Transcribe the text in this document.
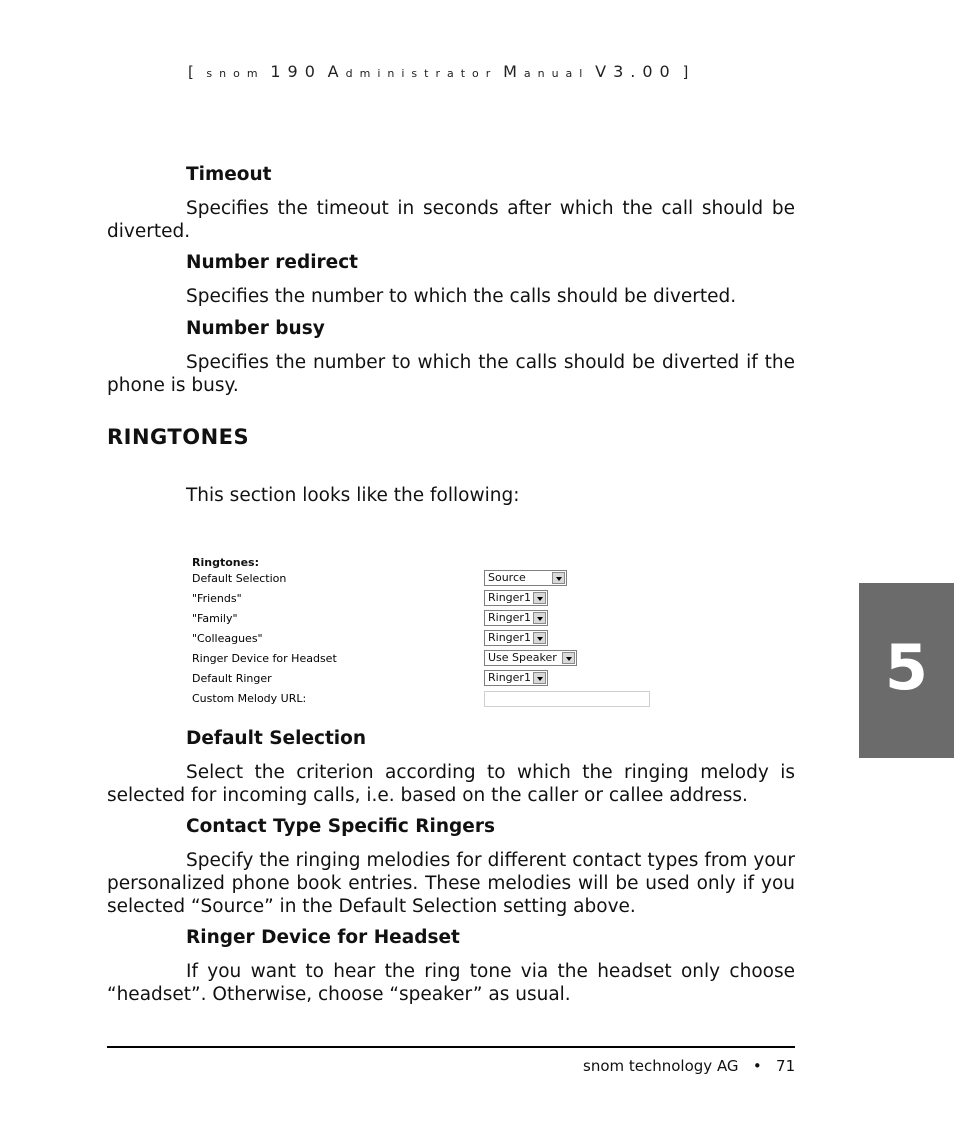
[ snom 190 Administrator Manual V3.00 ]
Timeout
Specifies the timeout in seconds after which the call should be diverted.
Number redirect
Specifies the number to which the calls should be diverted.
Number busy
Specifies the number to which the calls should be diverted if the phone is busy.
RINGTONES
This section looks like the following:
Ringtones:
Default Selection	Source
"Friends"	Ringer1
"Family"	Ringer1
"Colleagues"	Ringer1
Ringer Device for Headset	Use Speaker
Default Ringer	Ringer1
Custom Melody URL:
Default Selection
Select the criterion according to which the ringing melody is selected for incoming calls, i.e. based on the caller or callee address.
Contact Type Specific Ringers
Specify the ringing melodies for different contact types from your personalized phone book entries. These melodies will be used only if you selected “Source” in the Default Selection setting above.
Ringer Device for Headset
If you want to hear the ring tone via the headset only choose “headset”. Otherwise, choose “speaker” as usual.
5
snom technology AG • 71
